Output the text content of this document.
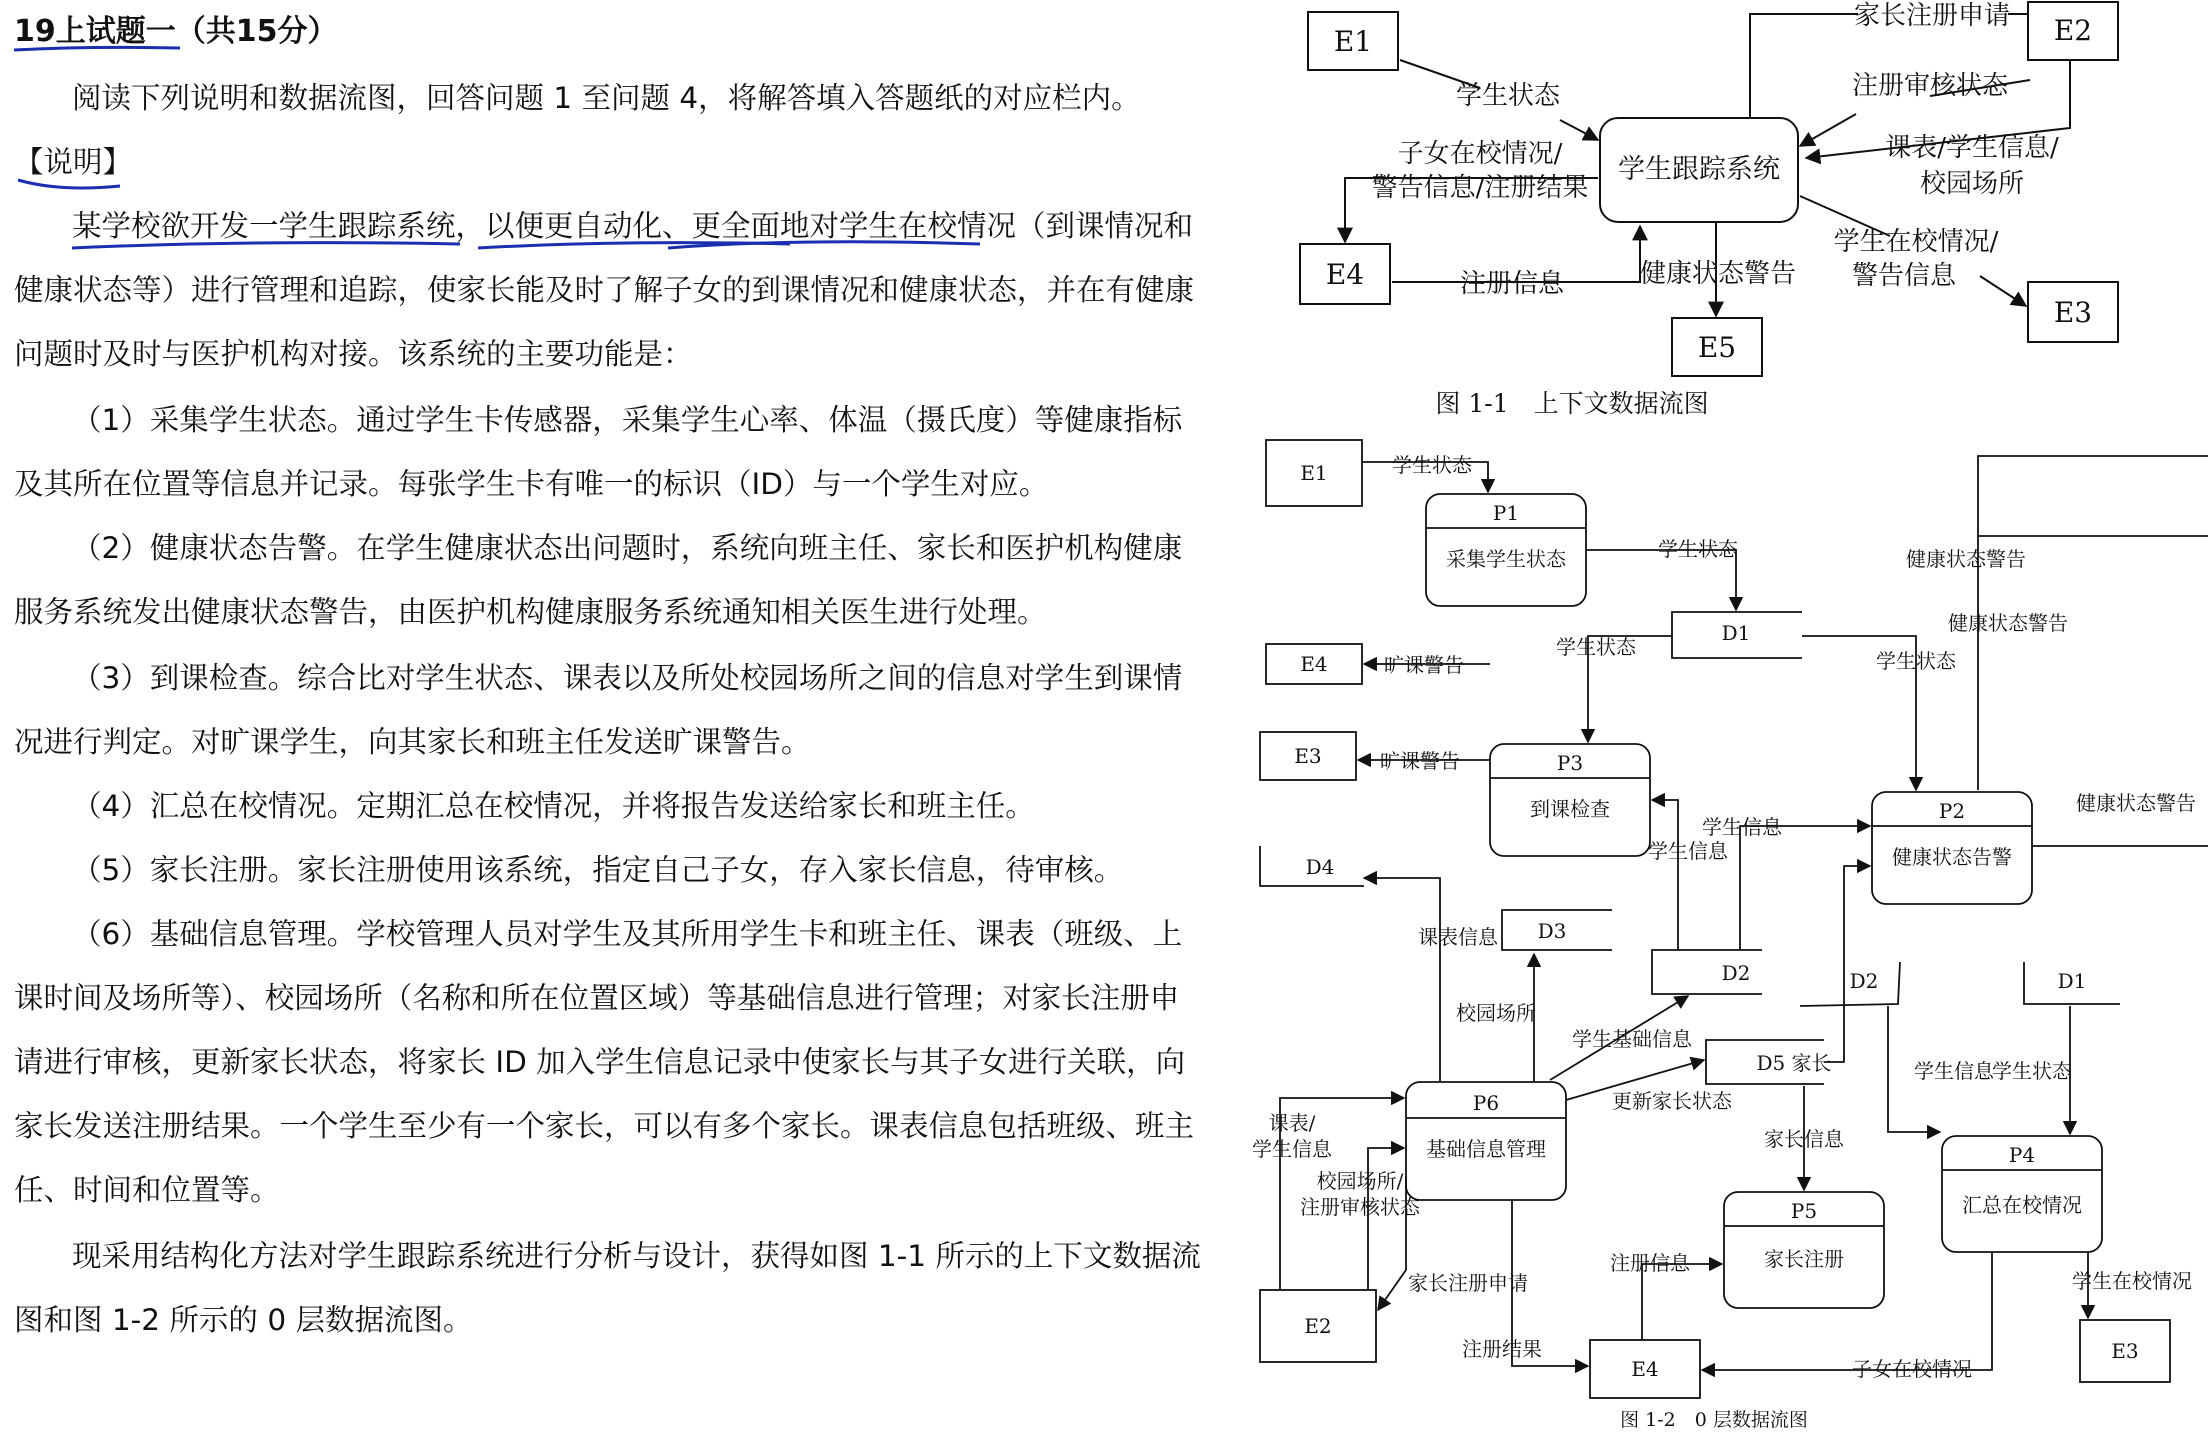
19上试题一（共15分）
阅读下列说明和数据流图，回答问题 1 至问题 4，将解答填入答题纸的对应栏内。
【说明】
某学校欲开发一学生跟踪系统，以便更自动化、更全面地对学生在校情况（到课情况和
健康状态等）进行管理和追踪，使家长能及时了解子女的到课情况和健康状态，并在有健康
问题时及时与医护机构对接。该系统的主要功能是：
（1）采集学生状态。通过学生卡传感器，采集学生心率、体温（摄氏度）等健康指标
及其所在位置等信息并记录。每张学生卡有唯一的标识（ID）与一个学生对应。
（2）健康状态告警。在学生健康状态出问题时，系统向班主任、家长和医护机构健康
服务系统发出健康状态警告，由医护机构健康服务系统通知相关医生进行处理。
（3）到课检查。综合比对学生状态、课表以及所处校园场所之间的信息对学生到课情
况进行判定。对旷课学生，向其家长和班主任发送旷课警告。
（4）汇总在校情况。定期汇总在校情况，并将报告发送给家长和班主任。
（5）家长注册。家长注册使用该系统，指定自己子女，存入家长信息，待审核。
（6）基础信息管理。学校管理人员对学生及其所用学生卡和班主任、课表（班级、上
课时间及场所等）、校园场所（名称和所在位置区域）等基础信息进行管理；对家长注册申
请进行审核，更新家长状态，将家长 ID 加入学生信息记录中使家长与其子女进行关联，向
家长发送注册结果。一个学生至少有一个家长，可以有多个家长。课表信息包括班级、班主
任、时间和位置等。
现采用结构化方法对学生跟踪系统进行分析与设计，获得如图 1-1 所示的上下文数据流
图和图 1-2 所示的 0 层数据流图。
E1	E2
E4
E5
E3
学生跟踪系统
家长注册申请
学生状态	注册审核状态
子女在校情况/
警告信息/注册结果
课表/学生信息/
校园场所
学生在校情况/
警告信息
注册信息	健康状态警告
图 1-1　上下文数据流图
E1
E4
E3
E2
E4
E3
P1
采集学生状态
P3
到课检查	P2
健康状态告警
P6
基础信息管理
P5
家长注册
P4
汇总在校情况
D1
D4
D3
D2
D5 家长
D2	D1
学生状态
学生状态
学生状态
学生状态
健康状态警告
健康状态警告
健康状态警告
旷课警告
旷课警告
学生信息
学生信息
学生信息
课表信息
校园场所
学生基础信息
更新家长状态
家长信息
学生状态
课表/
学生信息
校园场所/
注册审核状态
家长注册申请
注册信息
注册结果
子女在校情况
学生在校情况
图 1-2　0 层数据流图
